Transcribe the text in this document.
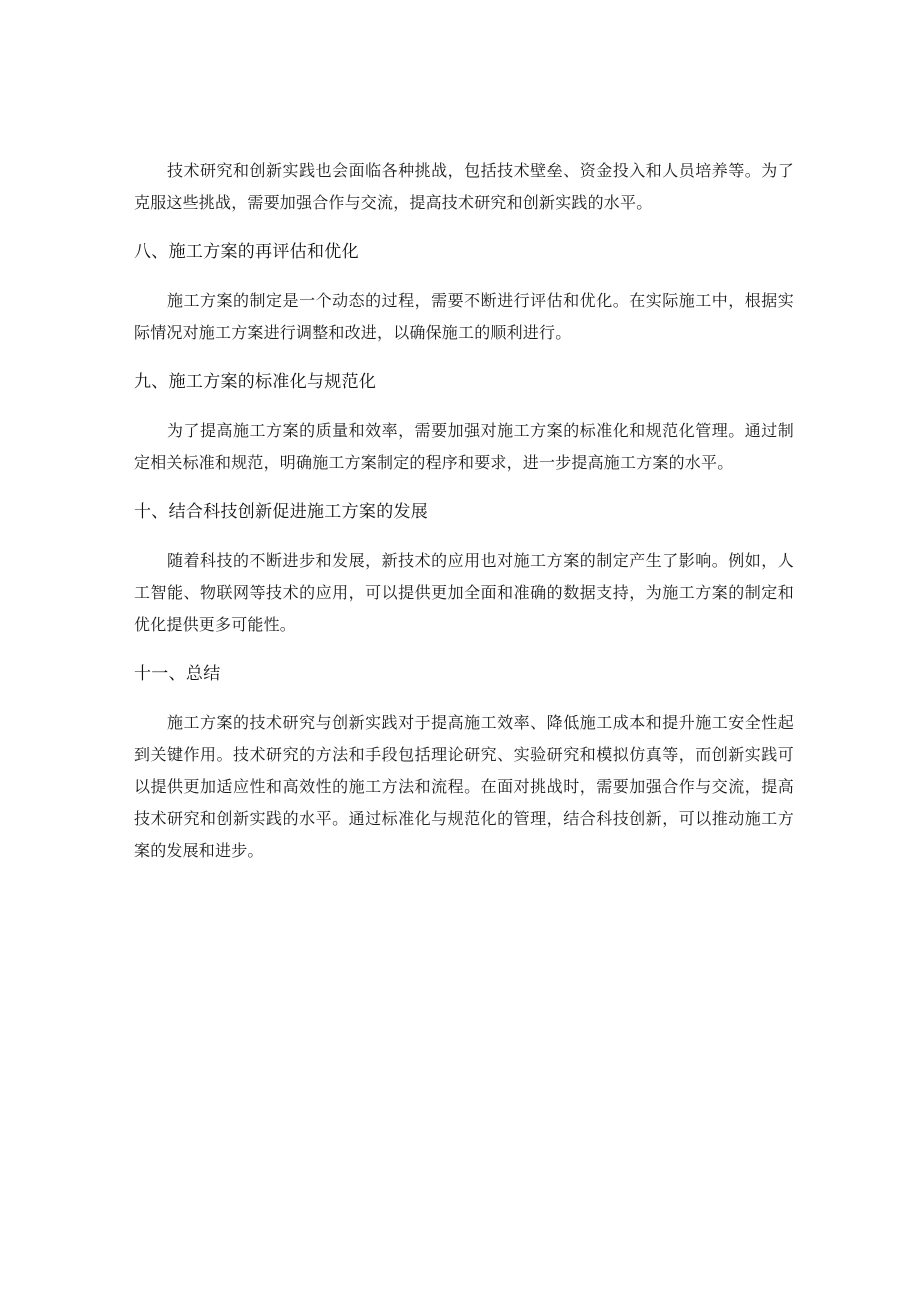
技术研究和创新实践也会面临各种挑战，包括技术壁垒、资金投入和人员培养等。为了克服这些挑战，需要加强合作与交流，提高技术研究和创新实践的水平。

八、施工方案的再评估和优化

施工方案的制定是一个动态的过程，需要不断进行评估和优化。在实际施工中，根据实际情况对施工方案进行调整和改进，以确保施工的顺利进行。

九、施工方案的标准化与规范化

为了提高施工方案的质量和效率，需要加强对施工方案的标准化和规范化管理。通过制定相关标准和规范，明确施工方案制定的程序和要求，进一步提高施工方案的水平。

十、结合科技创新促进施工方案的发展

随着科技的不断进步和发展，新技术的应用也对施工方案的制定产生了影响。例如，人工智能、物联网等技术的应用，可以提供更加全面和准确的数据支持，为施工方案的制定和优化提供更多可能性。

十一、总结

施工方案的技术研究与创新实践对于提高施工效率、降低施工成本和提升施工安全性起到关键作用。技术研究的方法和手段包括理论研究、实验研究和模拟仿真等，而创新实践可以提供更加适应性和高效性的施工方法和流程。在面对挑战时，需要加强合作与交流，提高技术研究和创新实践的水平。通过标准化与规范化的管理，结合科技创新，可以推动施工方案的发展和进步。
